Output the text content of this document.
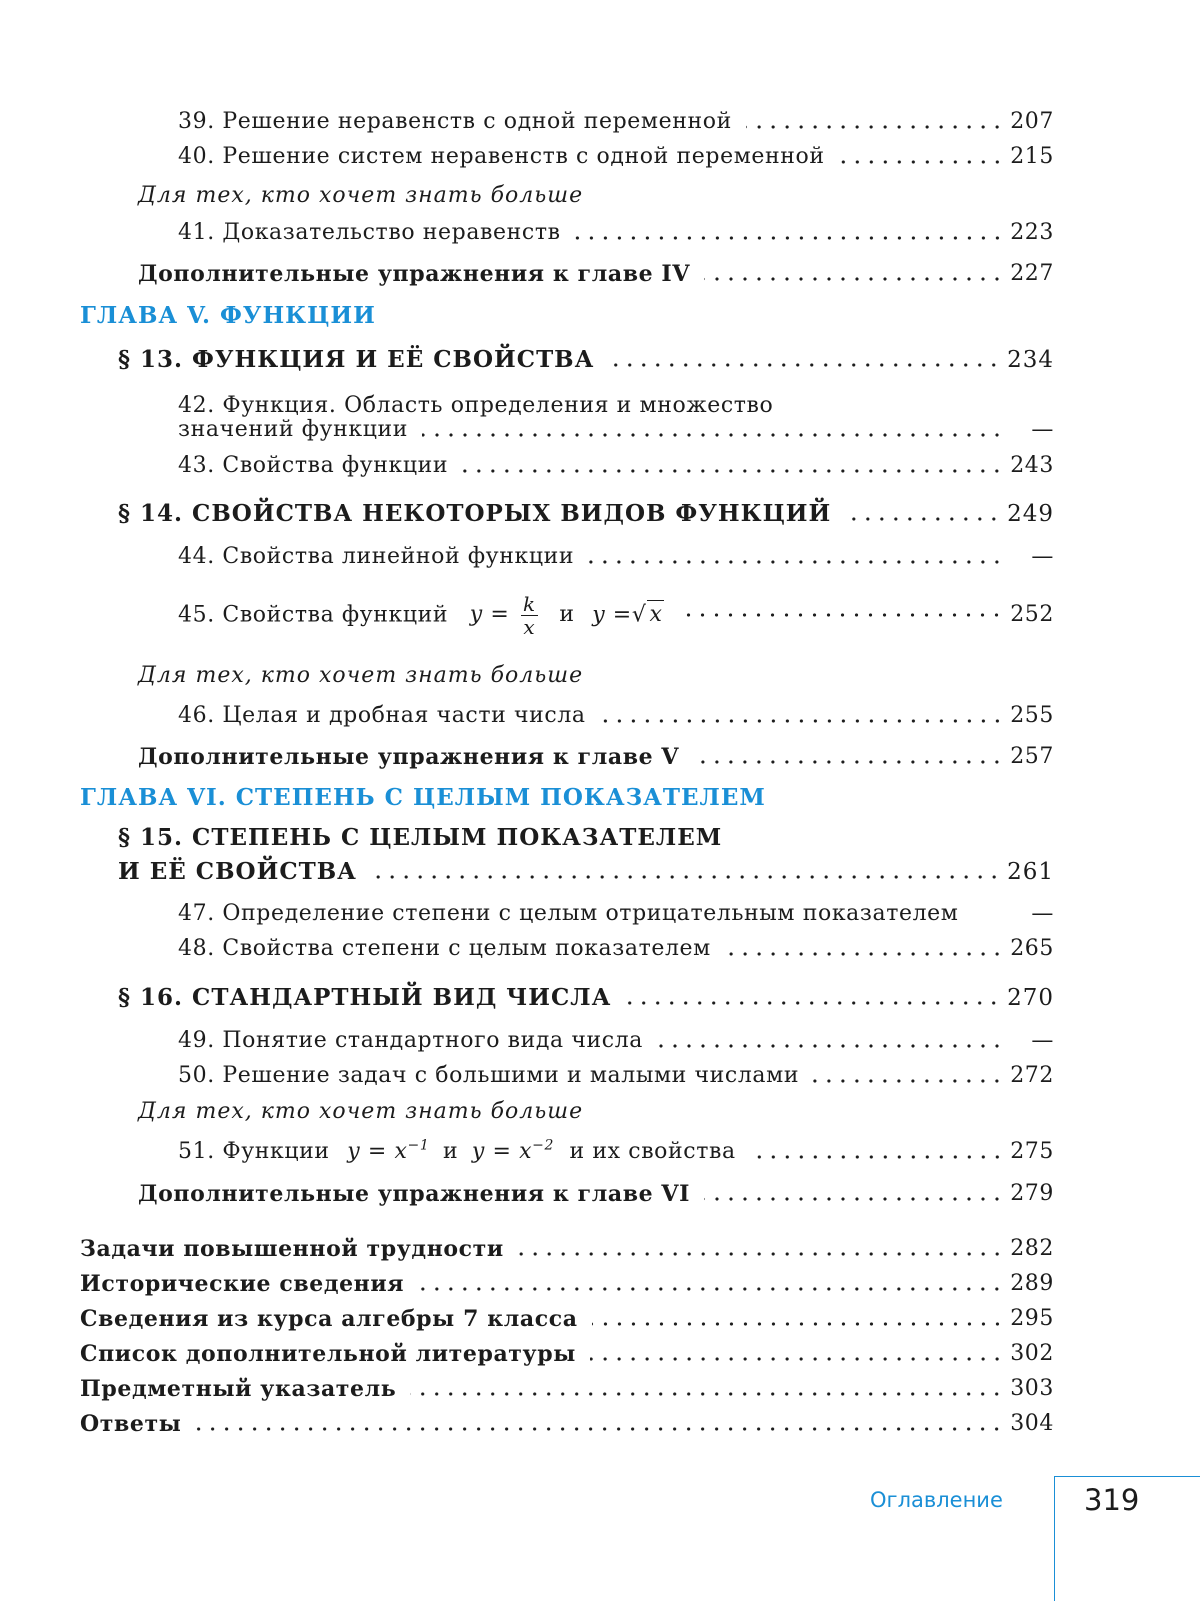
39. Решение неравенств с одной переменной	207
40. Решение систем неравенств с одной переменной	215
Для тех, кто хочет знать больше
41. Доказательство неравенств	223
Дополнительные упражнения к главе IV	227
ГЛАВА V. ФУНКЦИИ
§ 13. ФУНКЦИЯ И ЕЁ СВОЙСТВА	234
42. Функция. Область определения и множество
значений функции	—
43. Свойства функции	243
§ 14. СВОЙСТВА НЕКОТОРЫХ ВИДОВ ФУНКЦИЙ	249
44. Свойства линейной функции	—
45. Свойства функций $y = \frac{k}{x}$ и y =√ x	252
Для тех, кто хочет знать больше
46. Целая и дробная части числа	255
Дополнительные упражнения к главе V	257
ГЛАВА VI. СТЕПЕНЬ С ЦЕЛЫМ ПОКАЗАТЕЛЕМ
§ 15. СТЕПЕНЬ С ЦЕЛЫМ ПОКАЗАТЕЛЕМ
И ЕЁ СВОЙСТВА	261
47. Определение степени с целым отрицательным показателем	—
48. Свойства степени с целым показателем	265
§ 16. СТАНДАРТНЫЙ ВИД ЧИСЛА	270
49. Понятие стандартного вида числа	—
50. Решение задач с большими и малыми числами	272
Для тех, кто хочет знать больше
51. Функции $y = x^{-1}$ и $y = x^{-2}$ и их свойства	275
Дополнительные упражнения к главе VI	279
Задачи повышенной трудности	282
Исторические сведения	289
Сведения из курса алгебры 7 класса	295
Список дополнительной литературы	302
Предметный указатель	303
Ответы	304
Оглавление	319
